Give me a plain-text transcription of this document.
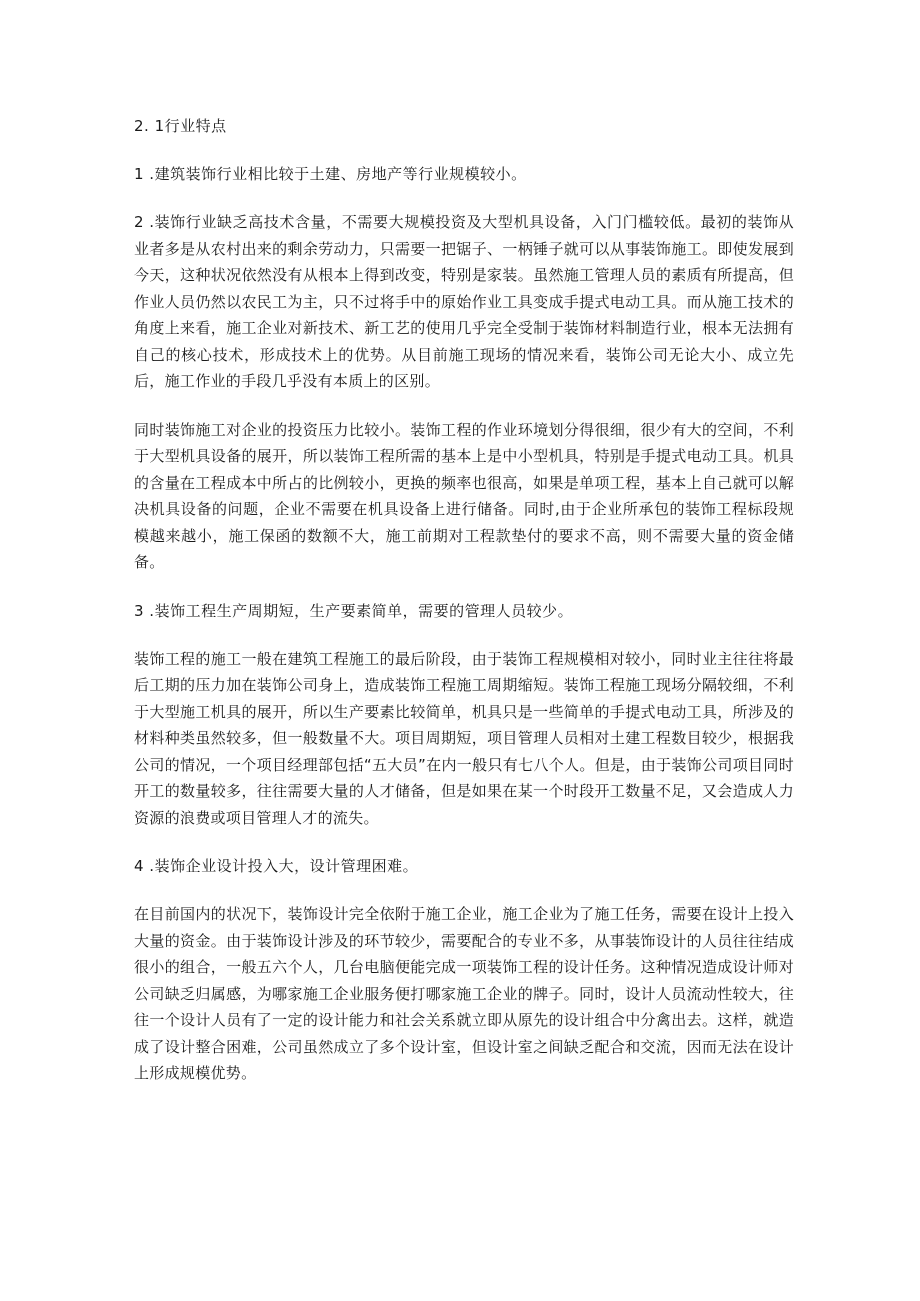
2. 1行业特点

1 .建筑装饰行业相比较于土建、房地产等行业规模较小。

2 .装饰行业缺乏高技术含量，不需要大规模投资及大型机具设备，入门门槛较低。最初的装饰从业者多是从农村出来的剩余劳动力，只需要一把锯子、一柄锤子就可以从事装饰施工。即使发展到今天，这种状况依然没有从根本上得到改变，特别是家装。虽然施工管理人员的素质有所提高，但作业人员仍然以农民工为主，只不过将手中的原始作业工具变成手提式电动工具。而从施工技术的角度上来看，施工企业对新技术、新工艺的使用几乎完全受制于装饰材料制造行业，根本无法拥有自己的核心技术，形成技术上的优势。从目前施工现场的情况来看，装饰公司无论大小、成立先后，施工作业的手段几乎没有本质上的区别。

同时装饰施工对企业的投资压力比较小。装饰工程的作业环境划分得很细，很少有大的空间，不利于大型机具设备的展开，所以装饰工程所需的基本上是中小型机具，特别是手提式电动工具。机具的含量在工程成本中所占的比例较小，更换的频率也很高，如果是单项工程，基本上自己就可以解决机具设备的问题，企业不需要在机具设备上进行储备。同时,由于企业所承包的装饰工程标段规模越来越小，施工保函的数额不大，施工前期对工程款垫付的要求不高，则不需要大量的资金储备。

3 .装饰工程生产周期短，生产要素简单，需要的管理人员较少。

装饰工程的施工一般在建筑工程施工的最后阶段，由于装饰工程规模相对较小，同时业主往往将最后工期的压力加在装饰公司身上，造成装饰工程施工周期缩短。装饰工程施工现场分隔较细，不利于大型施工机具的展开，所以生产要素比较简单，机具只是一些简单的手提式电动工具，所涉及的材料种类虽然较多，但一般数量不大。项目周期短，项目管理人员相对土建工程数目较少，根据我公司的情况，一个项目经理部包括“五大员”在内一般只有七八个人。但是，由于装饰公司项目同时开工的数量较多，往往需要大量的人才储备，但是如果在某一个时段开工数量不足，又会造成人力资源的浪费或项目管理人才的流失。

4 .装饰企业设计投入大，设计管理困难。

在目前国内的状况下，装饰设计完全依附于施工企业，施工企业为了施工任务，需要在设计上投入大量的资金。由于装饰设计涉及的环节较少，需要配合的专业不多，从事装饰设计的人员往往结成很小的组合，一般五六个人，几台电脑便能完成一项装饰工程的设计任务。这种情况造成设计师对公司缺乏归属感，为哪家施工企业服务便打哪家施工企业的牌子。同时，设计人员流动性较大，往往一个设计人员有了一定的设计能力和社会关系就立即从原先的设计组合中分禽出去。这样，就造成了设计整合困难，公司虽然成立了多个设计室，但设计室之间缺乏配合和交流，因而无法在设计上形成规模优势。
